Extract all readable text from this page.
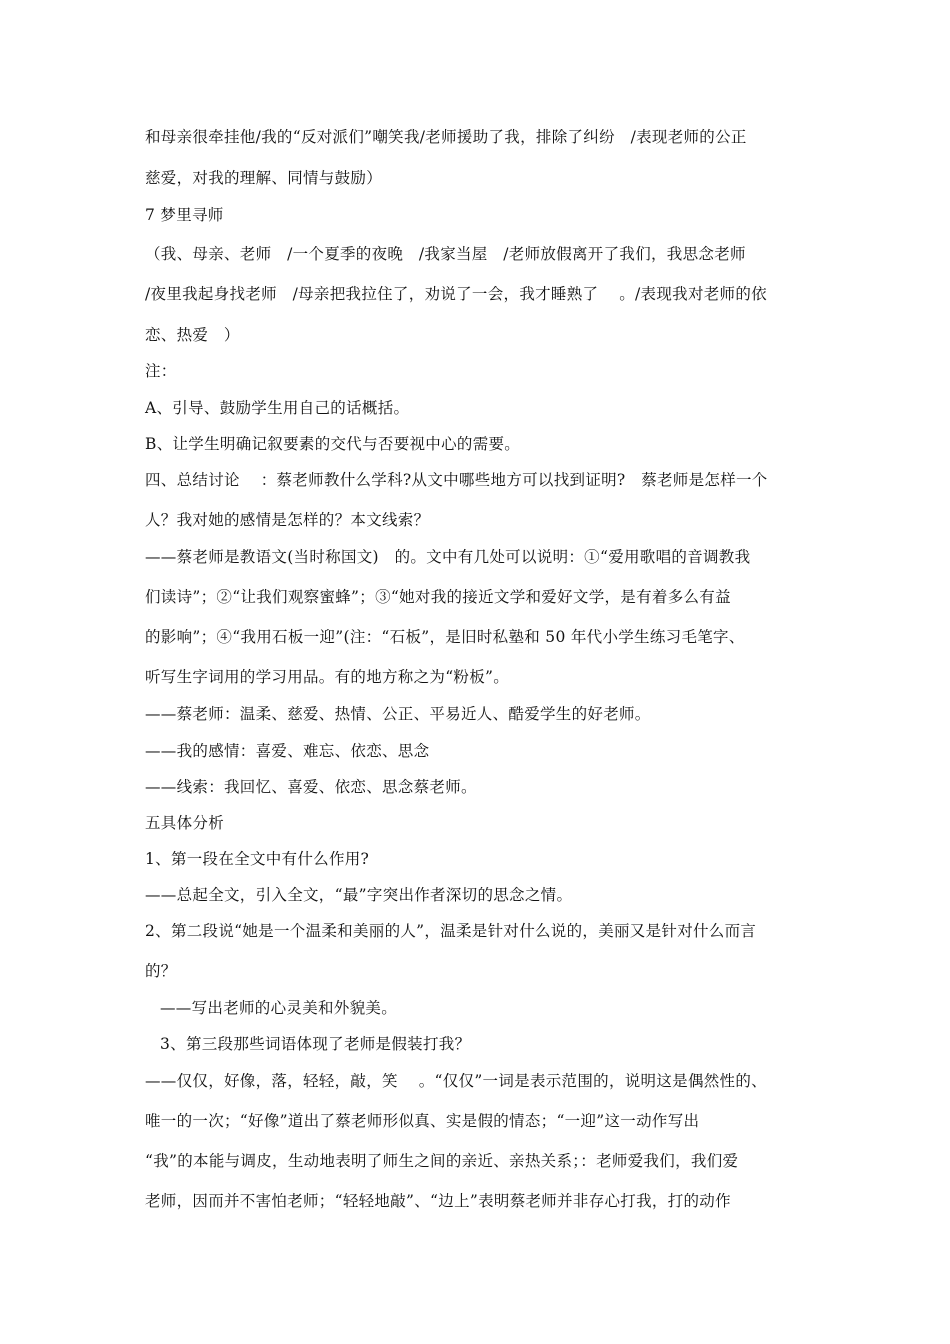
和母亲很牵挂他/我的“反对派们”嘲笑我/老师援助了我，排除了纠纷   /表现老师的公正
慈爱，对我的理解、同情与鼓励）
7 梦里寻师
（我、母亲、老师   /一个夏季的夜晚   /我家当屋   /老师放假离开了我们，我思念老师
/夜里我起身找老师   /母亲把我拉住了，劝说了一会，我才睡熟了    。/表现我对老师的依
恋、热爱   ）
注：
A、引导、鼓励学生用自己的话概括。
B、让学生明确记叙要素的交代与否要视中心的需要。
四、总结讨论    ：蔡老师教什么学科?从文中哪些地方可以找到证明?   蔡老师是怎样一个
人？我对她的感情是怎样的？本文线索？
——蔡老师是教语文(当时称国文)   的。文中有几处可以说明：①“爱用歌唱的音调教我
们读诗”；②“让我们观察蜜蜂”；③“她对我的接近文学和爱好文学，是有着多么有益
的影响”；④“我用石板一迎”(注：“石板”，是旧时私塾和 50 年代小学生练习毛笔字、
听写生字词用的学习用品。有的地方称之为“粉板”。
——蔡老师：温柔、慈爱、热情、公正、平易近人、酷爱学生的好老师。
——我的感情：喜爱、难忘、依恋、思念
——线索：我回忆、喜爱、依恋、思念蔡老师。
五具体分析
1、第一段在全文中有什么作用?
——总起全文，引入全文，“最”字突出作者深切的思念之情。
2、第二段说“她是一个温柔和美丽的人”，温柔是针对什么说的，美丽又是针对什么而言
的？
——写出老师的心灵美和外貌美。
3、第三段那些词语体现了老师是假装打我？
——仅仅，好像，落，轻轻，敲，笑    。“仅仅”一词是表示范围的，说明这是偶然性的、
唯一的一次；“好像”道出了蔡老师形似真、实是假的情态；“一迎”这一动作写出
“我”的本能与调皮，生动地表明了师生之间的亲近、亲热关系；：老师爱我们，我们爱
老师，因而并不害怕老师；“轻轻地敲”、“边上”表明蔡老师并非存心打我，打的动作
